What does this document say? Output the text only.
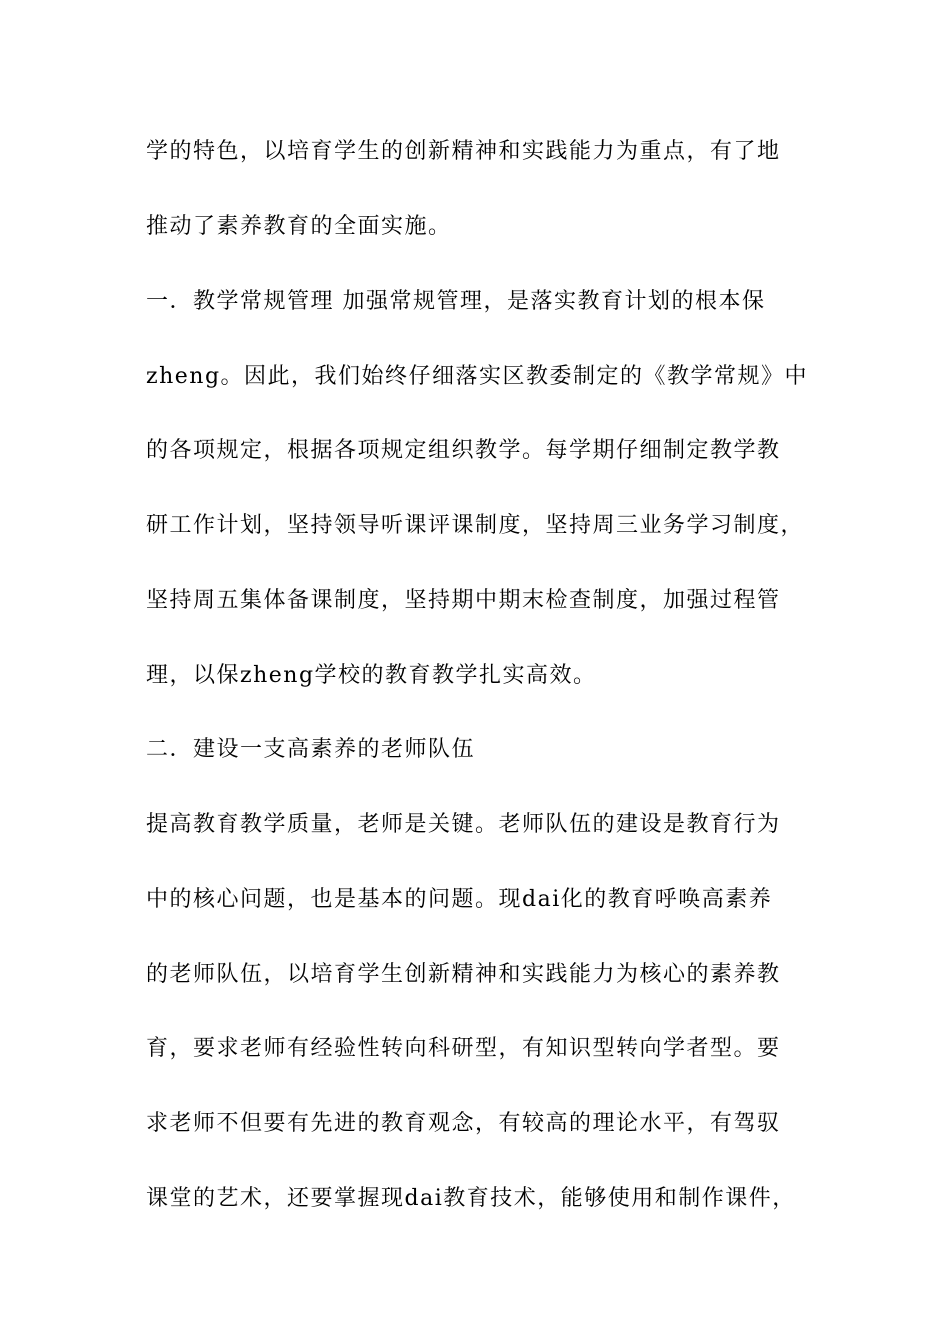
学的特色，以培育学生的创新精神和实践能力为重点，有了地
推动了素养教育的全面实施。
一．教学常规管理 加强常规管理，是落实教育计划的根本保
zheng。因此，我们始终仔细落实区教委制定的《教学常规》中
的各项规定，根据各项规定组织教学。每学期仔细制定教学教
研工作计划，坚持领导听课评课制度，坚持周三业务学习制度，
坚持周五集体备课制度，坚持期中期末检查制度，加强过程管
理，以保zheng学校的教育教学扎实高效。
二．建设一支高素养的老师队伍
提高教育教学质量，老师是关键。老师队伍的建设是教育行为
中的核心问题，也是基本的问题。现dai化的教育呼唤高素养
的老师队伍，以培育学生创新精神和实践能力为核心的素养教
育，要求老师有经验性转向科研型，有知识型转向学者型。要
求老师不但要有先进的教育观念，有较高的理论水平，有驾驭
课堂的艺术，还要掌握现dai教育技术，能够使用和制作课件，
